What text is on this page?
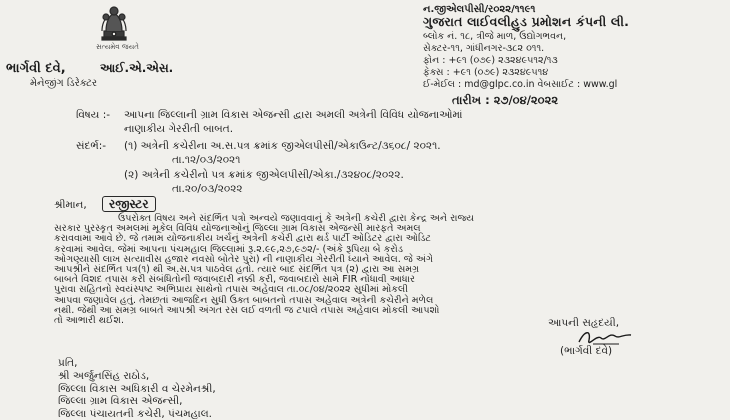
સત્યમેવ જયતે
ન.જીએલપીસી/ર૦૨૨/૧૧૯૧
ગુજરાત લાઈવલીહુડ પ્રમોશન કંપની લી.
બ્લોક નં. ૧૮, ત્રીજે માળ, ઉદ્યોગભવન,
સેક્ટર-૧૧, ગાંધીનગર-૩૮૨ ૦૧૧.
ફોન : +૯૧ (૦૭૯) ૨૩૨૪૯૫૧૨/૧૩
ફેક્સ : +૯૧ (૦૭૯) ૨૩૨૪૯૫૧૪
ઈ-મેઈલ : md@glpc.co.in વેબસાઈટ : www.gl
ભાર્ગવી દવે,	આઈ.એ.એસ.
મેનેજીંગ ડિરેક્ટર
તારીખ : ૨૭/૦૪/૨૦૨૨
વિષય :- આપના જિલ્લાની ગ્રામ વિકાસ એજન્સી દ્વારા અમલી અત્રેની વિવિધ યોજનાઓમાં
નાણાકીય ગેરરીતી બાબત.
સંદર્ભ:- (૧) અત્રેની કચેરીના અ.સ.પત્ર ક્રમાંક જીએલપીસી/એકાઉન્ટ/૩૬૦૮/ ૨૦૨૧.
તા.૧૨/૦૩/૨૦૨૧
(૨) અત્રેની કચેરીનો પત્ર ક્રમાંક જીએલપીસી/એકા./૩૨૪૦૮/૨૦૨૨.
તા.૨૦/૦૩/૨૦૨૨
શ્રીમાન,	રજીસ્ટર
ઉપરોક્ત વિષય અને સંદર્ભિત પત્રો અન્વયે જણાવવાનું કે અત્રેની કચેરી દ્વારા કેન્દ્ર અને રાજ્ય
સરકાર પુરસ્કૃત અમલમાં મૂકેલ વિવિધ યોજનાઓનું જિલ્લા ગ્રામ વિકાસ એજન્સી મારફતે અમલ
કરાવવામાં આવે છે. જે તમામ યોજનાકીય ખર્ચનું અત્રેની કચેરી દ્વારા થર્ડ પાર્ટી ઓડિટર દ્વારા ઓડિટ
કરવામાં આવેલ. જેમાં આપના પંચમહાલ જિલ્લામાં રૂ.૨.૯૯,૨૭,૯૭૨/- (અંકે રૂપિયા બે કરોડ
ઓગણ્યાસી લાખ સત્યાવીસ હજાર નવસો બોતેર પુરા) ની નાણાકીય ગેરરીતી ધ્યાને આવેલ. જે અંગે
આપશ્રીને સંદર્ભિત પત્ર(૧) થી અ.સ.પત્ર પાઠવેલ હતો. ત્યાર બાદ સંદર્ભિત પત્ર (૨) દ્વારા આ સમગ્ર
બાબતે વિશદ તપાસ કરી સંબંધિતોની જવાબદારી નક્કી કરી, જવાબદારો સામે FIR નોંધાવી આધાર
પુરાવા સહિતનો સ્વયંસ્પષ્ટ અભિપ્રાય સાથેનો તપાસ અહેવાલ તા.૦૮/૦૪/૨૦૨૨ સુધીમાં મોકલી
આપવા જણાવેલ હતું. તેમછતાં આજદિન સુધી ઉક્ત બાબતનો તપાસ અહેવાલ અત્રેની કચેરીને મળેલ
નથી. જેથી આ સમગ્ર બાબતે આપશ્રી અંગત રસ લઈ વળતી જ ટપાલે તપાસ અહેવાલ મોકલી આપશો
તો આભારી થઈશ.	આપની સહૃદયી,
(ભાર્ગવી દવે)
પ્રતિ,
શ્રી અર્જુનસિંહ રાઠોડ,
જિલ્લા વિકાસ અધિકારી વ ચેરમેનશ્રી,
જિલ્લા ગ્રામ વિકાસ એજન્સી,
જિલ્લા પંચાયતની કચેરી, પંચમહાલ.
